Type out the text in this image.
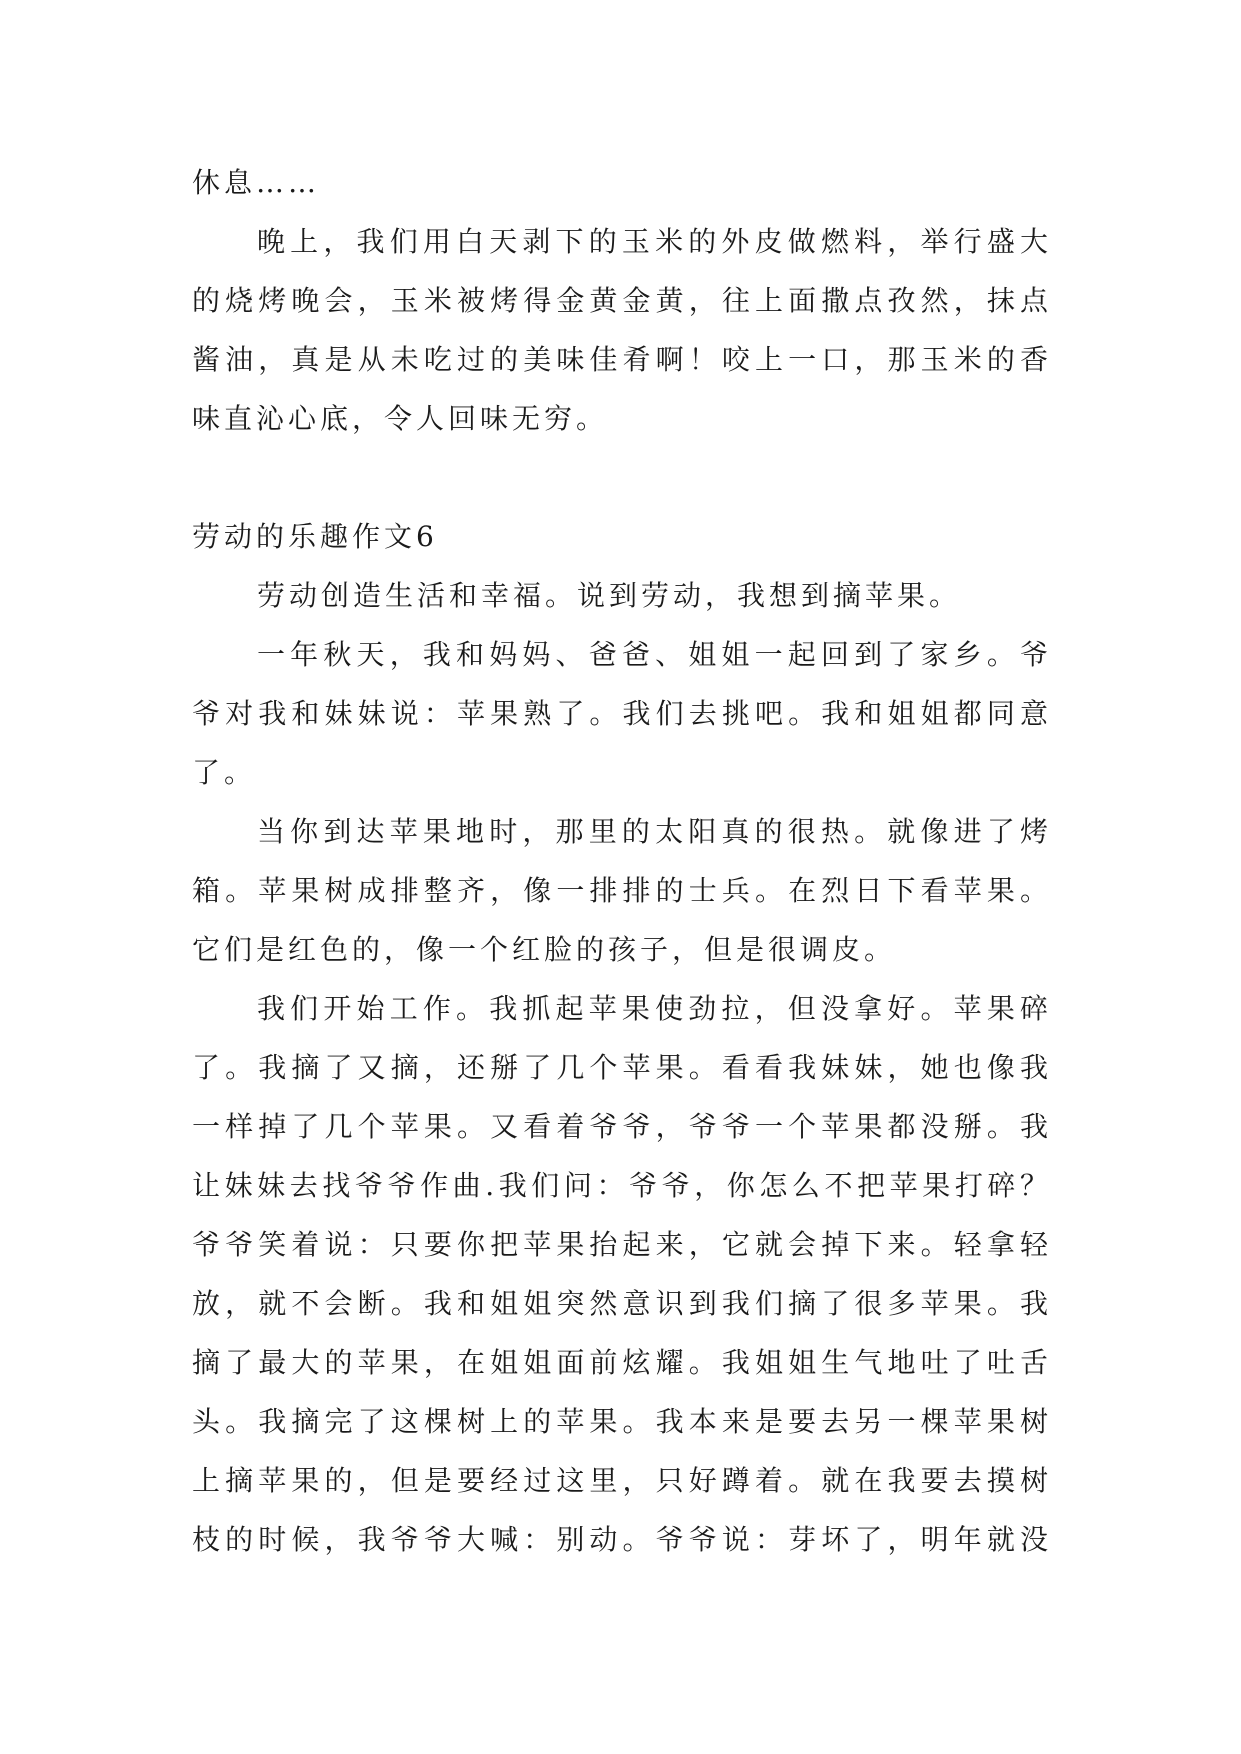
休息……
晚上，我们用白天剥下的玉米的外皮做燃料，举行盛大
的烧烤晚会，玉米被烤得金黄金黄，往上面撒点孜然，抹点
酱油，真是从未吃过的美味佳肴啊！咬上一口，那玉米的香
味直沁心底，令人回味无穷。
劳动的乐趣作文6
劳动创造生活和幸福。说到劳动，我想到摘苹果。
一年秋天，我和妈妈、爸爸、姐姐一起回到了家乡。爷
爷对我和妹妹说：苹果熟了。我们去挑吧。我和姐姐都同意
了。
当你到达苹果地时，那里的太阳真的很热。就像进了烤
箱。苹果树成排整齐，像一排排的士兵。在烈日下看苹果。
它们是红色的，像一个红脸的孩子，但是很调皮。
我们开始工作。我抓起苹果使劲拉，但没拿好。苹果碎
了。我摘了又摘，还掰了几个苹果。看看我妹妹，她也像我
一样掉了几个苹果。又看着爷爷，爷爷一个苹果都没掰。我
让妹妹去找爷爷作曲.我们问：爷爷，你怎么不把苹果打碎？
爷爷笑着说：只要你把苹果抬起来，它就会掉下来。轻拿轻
放，就不会断。我和姐姐突然意识到我们摘了很多苹果。我
摘了最大的苹果，在姐姐面前炫耀。我姐姐生气地吐了吐舌
头。我摘完了这棵树上的苹果。我本来是要去另一棵苹果树
上摘苹果的，但是要经过这里，只好蹲着。就在我要去摸树
枝的时候，我爷爷大喊：别动。爷爷说：芽坏了，明年就没
